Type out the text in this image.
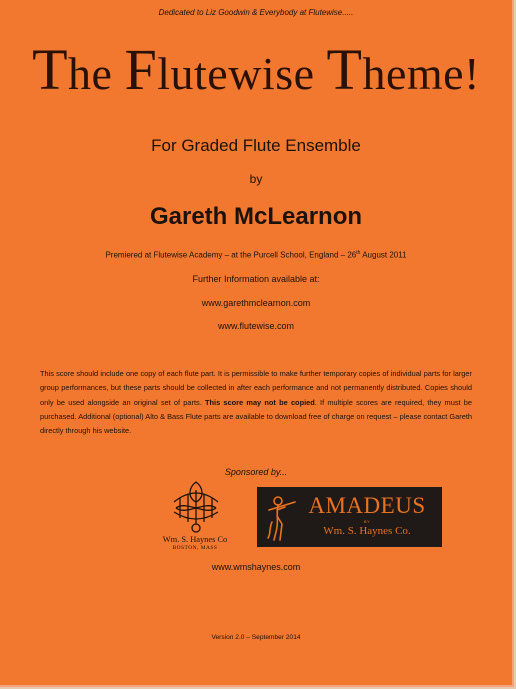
Dedicated to Liz Goodwin & Everybody at Flutewise.....
The Flutewise Theme!
For Graded Flute Ensemble
by
Gareth McLearnon
Premiered at Flutewise Academy – at the Purcell School, England – 26th August 2011
Further Information available at:
www.garethmclearnon.com
www.flutewise.com
This score should include one copy of each flute part. It is permissible to make further temporary copies of individual parts for larger group performances, but these parts should be collected in after each performance and not permanently distributed. Copies should only be used alongside an original set of parts. This score may not be copied. If multiple scores are required, they must be purchased. Additional (optional) Alto & Bass Flute parts are available to download free of charge on request – please contact Gareth directly through his website.
Sponsored by...
Wm. S. Haynes Co
BOSTON, MASS
AMADEUS
BY
Wm. S. Haynes Co.
www.wmshaynes.com
Version 2.0 – September 2014
